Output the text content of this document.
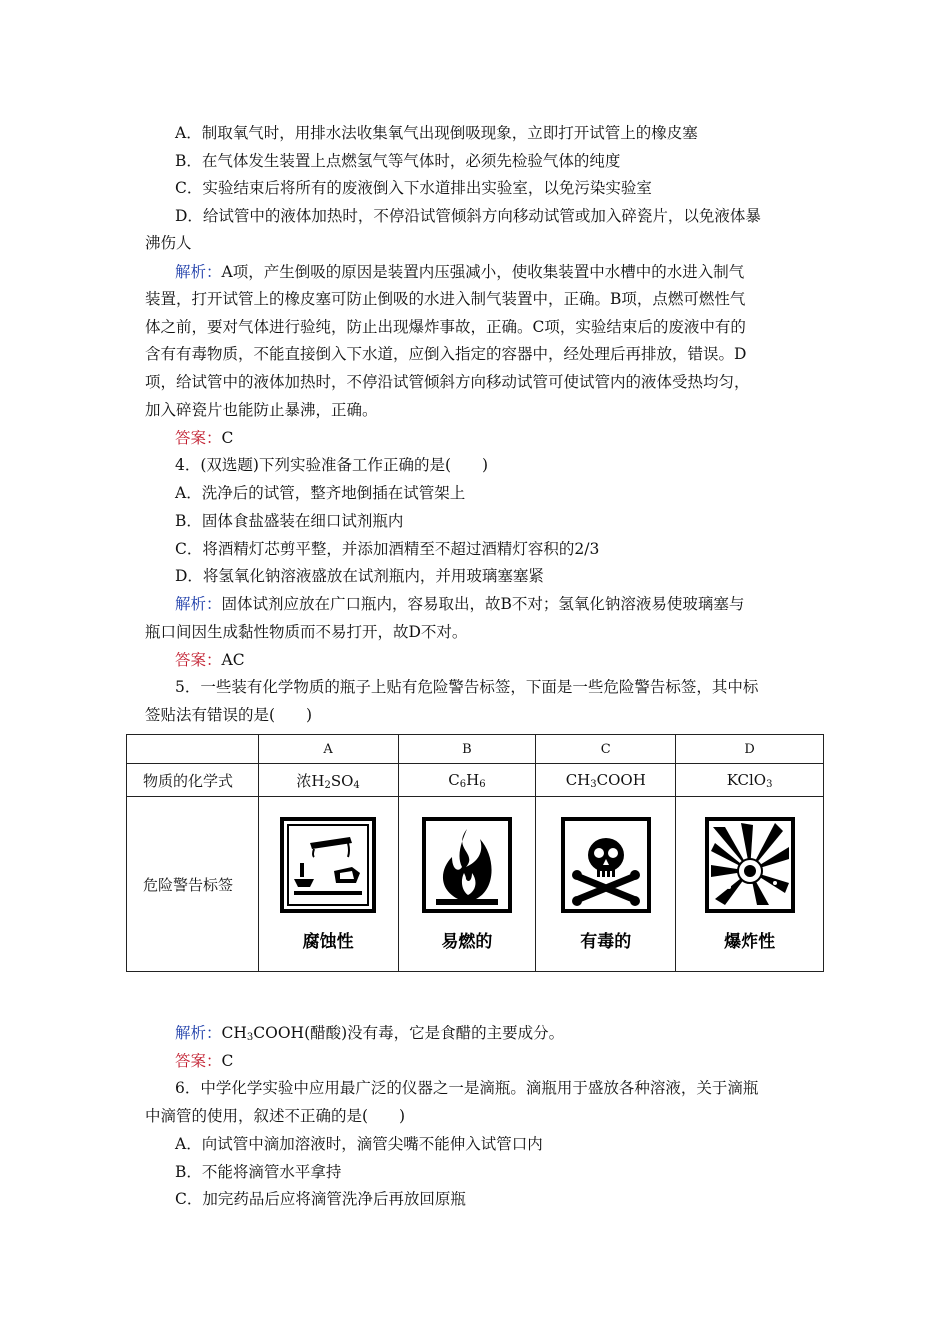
A．制取氧气时，用排水法收集氧气出现倒吸现象，立即打开试管上的橡皮塞
B．在气体发生装置上点燃氢气等气体时，必须先检验气体的纯度
C．实验结束后将所有的废液倒入下水道排出实验室，以免污染实验室
D．给试管中的液体加热时，不停沿试管倾斜方向移动试管或加入碎瓷片，以免液体暴
沸伤人
解析：A项，产生倒吸的原因是装置内压强减小，使收集装置中水槽中的水进入制气
装置，打开试管上的橡皮塞可防止倒吸的水进入制气装置中，正确。B项，点燃可燃性气
体之前，要对气体进行验纯，防止出现爆炸事故，正确。C项，实验结束后的废液中有的
含有有毒物质，不能直接倒入下水道，应倒入指定的容器中，经处理后再排放，错误。D
项，给试管中的液体加热时，不停沿试管倾斜方向移动试管可使试管内的液体受热均匀，
加入碎瓷片也能防止暴沸，正确。
答案：C
4．(双选题)下列实验准备工作正确的是(　　)
A．洗净后的试管，整齐地倒插在试管架上
B．固体食盐盛装在细口试剂瓶内
C．将酒精灯芯剪平整，并添加酒精至不超过酒精灯容积的2/3
D．将氢氧化钠溶液盛放在试剂瓶内，并用玻璃塞塞紧
解析：固体试剂应放在广口瓶内，容易取出，故B不对；氢氧化钠溶液易使玻璃塞与
瓶口间因生成黏性物质而不易打开，故D不对。
答案：AC
5．一些装有化学物质的瓶子上贴有危险警告标签，下面是一些危险警告标签，其中标
签贴法有错误的是(　　)
	A	B	C	D
物质的化学式	浓$H_2SO_4$	$C_6H_6$	$CH_3COOH$	KClO$_3$
危险警告标签	腐蚀性	易燃的	有毒的	爆炸性
解析：$CH_3COOH$(醋酸)没有毒，它是食醋的主要成分。
答案：C
6．中学化学实验中应用最广泛的仪器之一是滴瓶。滴瓶用于盛放各种溶液，关于滴瓶
中滴管的使用，叙述不正确的是(　　)
A．向试管中滴加溶液时，滴管尖嘴不能伸入试管口内
B．不能将滴管水平拿持
C．加完药品后应将滴管洗净后再放回原瓶
